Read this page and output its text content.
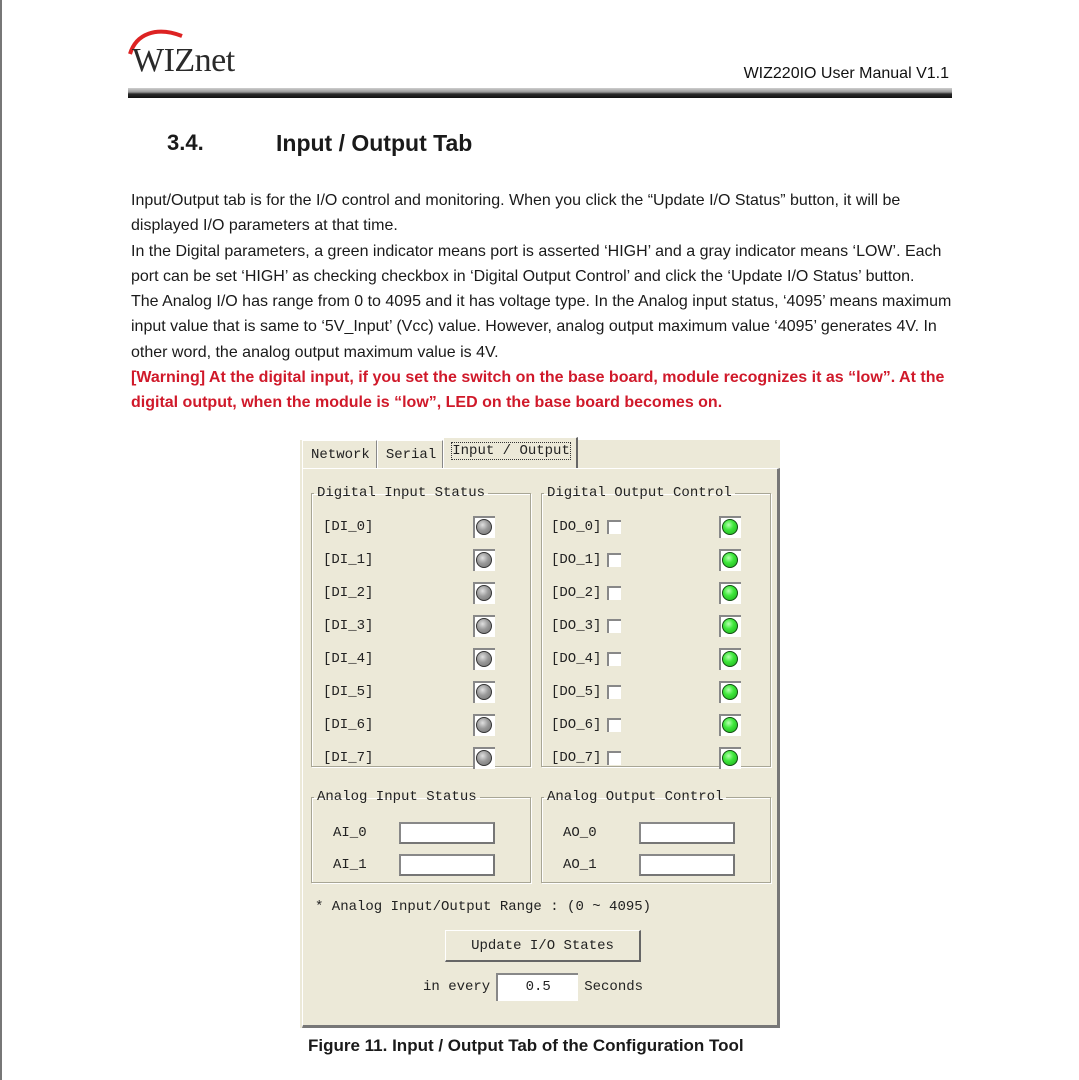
WIZnet	WIZ220IO User Manual V1.1
3.4.	Input / Output Tab

Input/Output tab is for the I/O control and monitoring. When you click the “Update I/O Status” button, it will be displayed I/O parameters at that time.

In the Digital parameters, a green indicator means port is asserted ‘HIGH’ and a gray indicator means ‘LOW’. Each port can be set ‘HIGH’ as checking checkbox in ‘Digital Output Control’ and click the ‘Update I/O Status’ button.

The Analog I/O has range from 0 to 4095 and it has voltage type. In the Analog input status, ‘4095’ means maximum input value that is same to ‘5V_Input’ (Vcc) value. However, analog output maximum value ‘4095’ generates 4V. In other word, the analog output maximum value is 4V.

[Warning] At the digital input, if you set the switch on the base board, module recognizes it as “low”. At the digital output, when the module is “low”, LED on the base board becomes on.

Network	Serial	Input / Output
Digital Input Status	Digital Output Control
[DI_0]
[DI_1]
[DI_2]
[DI_3]
[DI_4]
[DI_5]
[DI_6]
[DI_7]
[DO_0]
[DO_1]
[DO_2]
[DO_3]
[DO_4]
[DO_5]
[DO_6]
[DO_7]
Analog Input Status	Analog Output Control
AI_0
AI_1
AO_0
AO_1
* Analog Input/Output Range : (0 ~ 4095)
Update I/O States
in every	0.5	Seconds
Figure 11. Input / Output Tab of the Configuration Tool
